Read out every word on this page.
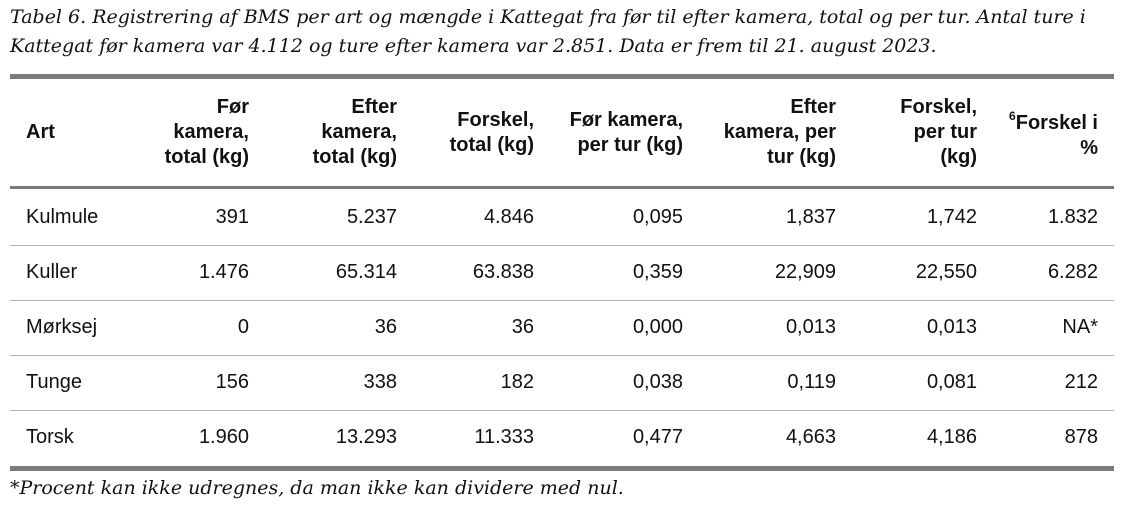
Tabel 6. Registrering af BMS per art og mængde i Kattegat fra før til efter kamera, total og per tur. Antal ture i Kattegat før kamera var 4.112 og ture efter kamera var 2.851. Data er frem til 21. august 2023.

Art	Før kamera, total (kg)	Efter kamera, total (kg)	Forskel, total (kg)	Før kamera, per tur (kg)	Efter kamera, per tur (kg)	Forskel, per tur (kg)	$^6$Forskel i %

Kulmule	391	5.237	4.846	0,095	1,837	1,742	1.832
Kuller	1.476	65.314	63.838	0,359	22,909	22,550	6.282
Mørksej	0	36	36	0,000	0,013	0,013	NA*
Tunge	156	338	182	0,038	0,119	0,081	212
Torsk	1.960	13.293	11.333	0,477	4,663	4,186	878

*Procent kan ikke udregnes, da man ikke kan dividere med nul.
